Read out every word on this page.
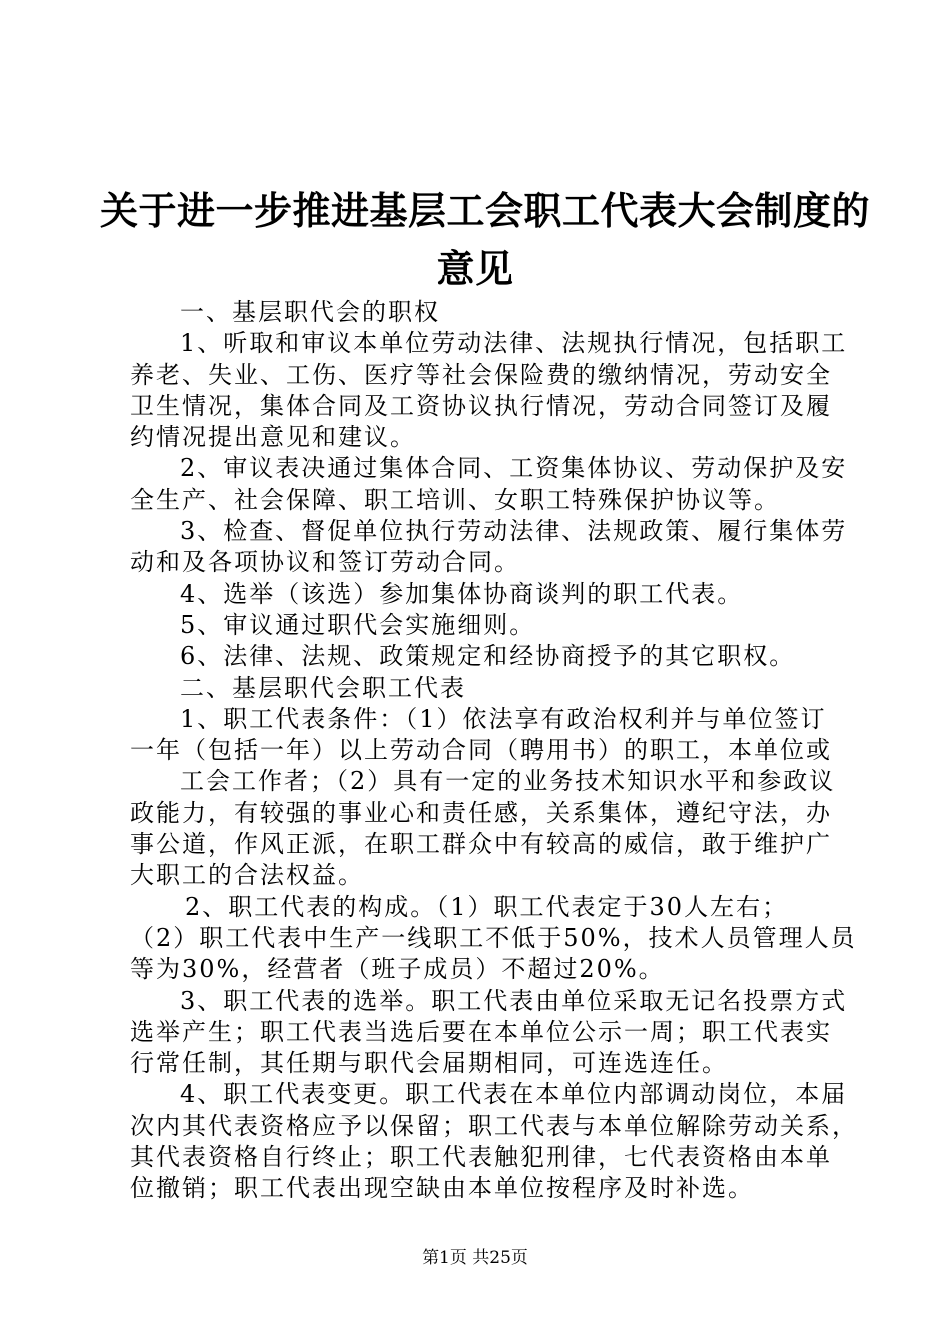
关于进一步推进基层工会职工代表大会制度的
意见
一、基层职代会的职权
1、听取和审议本单位劳动法律、法规执行情况，包括职工
养老、失业、工伤、医疗等社会保险费的缴纳情况，劳动安全
卫生情况，集体合同及工资协议执行情况，劳动合同签订及履
约情况提出意见和建议。
2、审议表决通过集体合同、工资集体协议、劳动保护及安
全生产、社会保障、职工培训、女职工特殊保护协议等。
3、检查、督促单位执行劳动法律、法规政策、履行集体劳
动和及各项协议和签订劳动合同。
4、选举（该选）参加集体协商谈判的职工代表。
5、审议通过职代会实施细则。
6、法律、法规、政策规定和经协商授予的其它职权。
二、基层职代会职工代表
1、职工代表条件：（1）依法享有政治权利并与单位签订
一年（包括一年）以上劳动合同（聘用书）的职工，本单位或
工会工作者；（2）具有一定的业务技术知识水平和参政议
政能力，有较强的事业心和责任感，关系集体，遵纪守法，办
事公道，作风正派，在职工群众中有较高的威信，敢于维护广
大职工的合法权益。
2、职工代表的构成。（1）职工代表定于30人左右；
（2）职工代表中生产一线职工不低于50%，技术人员管理人员
等为30%，经营者（班子成员）不超过20%。
3、职工代表的选举。职工代表由单位采取无记名投票方式
选举产生；职工代表当选后要在本单位公示一周；职工代表实
行常任制，其任期与职代会届期相同，可连选连任。
4、职工代表变更。职工代表在本单位内部调动岗位，本届
次内其代表资格应予以保留；职工代表与本单位解除劳动关系，
其代表资格自行终止；职工代表触犯刑律，七代表资格由本单
位撤销；职工代表出现空缺由本单位按程序及时补选。
第1页 共25页
